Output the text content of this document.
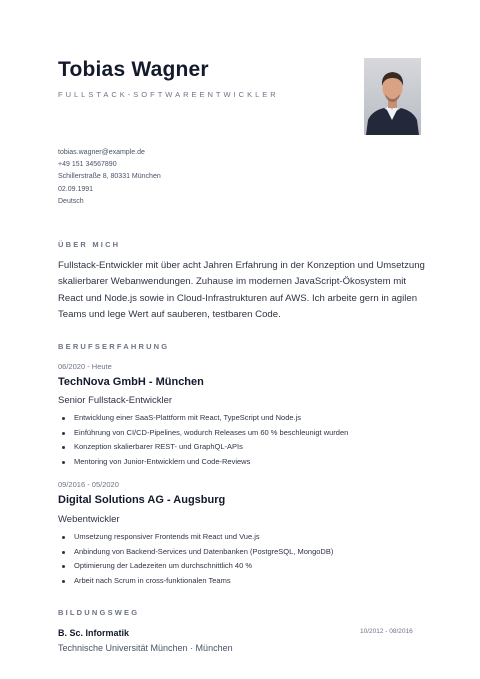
Tobias Wagner
FULLSTACK-SOFTWAREENTWICKLER
tobias.wagner@example.de
+49 151 34567890
Schillerstraße 8, 80331 München
02.09.1991
Deutsch
ÜBER MICH
Fullstack-Entwickler mit über acht Jahren Erfahrung in der Konzeption und Umsetzung skalierbarer Webanwendungen. Zuhause im modernen JavaScript-Ökosystem mit React und Node.js sowie in Cloud-Infrastrukturen auf AWS. Ich arbeite gern in agilen Teams und lege Wert auf sauberen, testbaren Code.
BERUFSERFAHRUNG
06/2020 - Heute
TechNova GmbH - München
Senior Fullstack-Entwickler
Entwicklung einer SaaS-Plattform mit React, TypeScript und Node.js
Einführung von CI/CD-Pipelines, wodurch Releases um 60 % beschleunigt wurden
Konzeption skalierbarer REST- und GraphQL-APIs
Mentoring von Junior-Entwicklern und Code-Reviews
09/2016 - 05/2020
Digital Solutions AG - Augsburg
Webentwickler
Umsetzung responsiver Frontends mit React und Vue.js
Anbindung von Backend-Services und Datenbanken (PostgreSQL, MongoDB)
Optimierung der Ladezeiten um durchschnittlich 40 %
Arbeit nach Scrum in cross-funktionalen Teams
BILDUNGSWEG
B. Sc. Informatik	10/2012 - 08/2016
Technische Universität München · München
